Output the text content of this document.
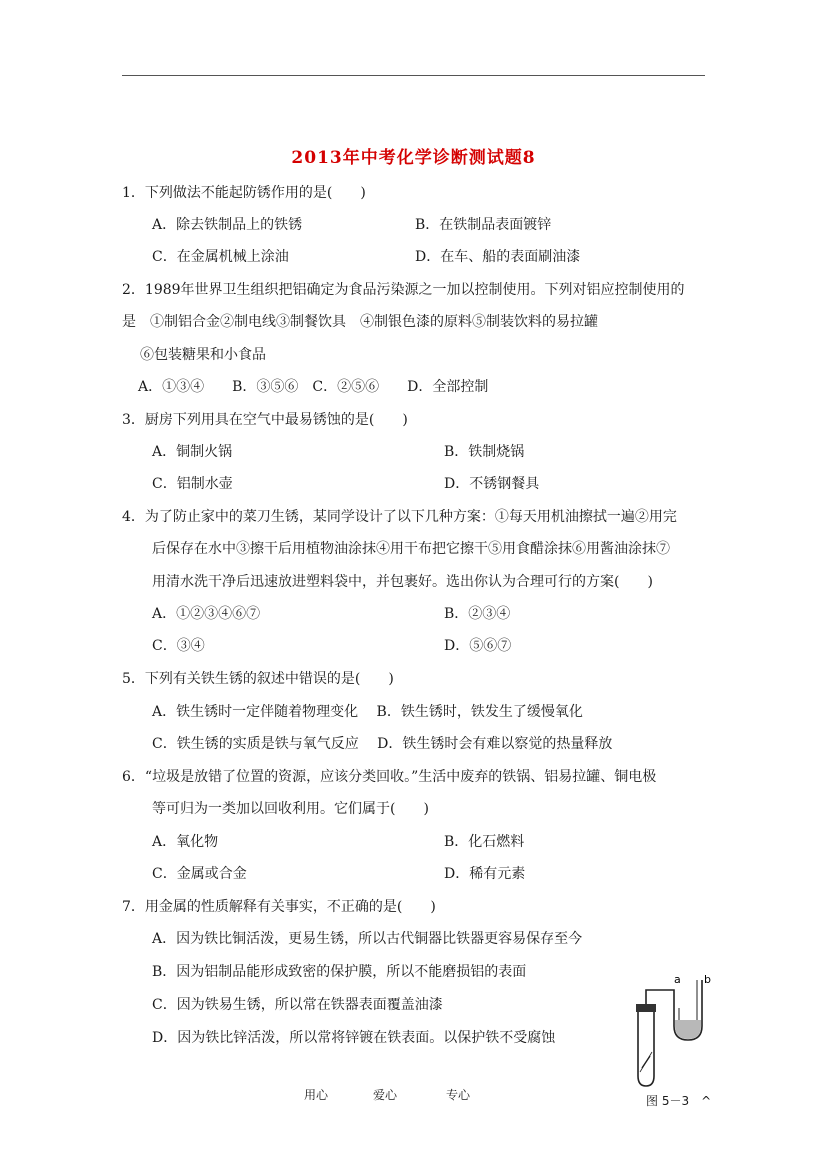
2013年中考化学诊断测试题8
1．下列做法不能起防锈作用的是(　　)
A．除去铁制品上的铁锈	B．在铁制品表面镀锌
C．在金属机械上涂油	D．在车、船的表面刷油漆
2．1989年世界卫生组织把铝确定为食品污染源之一加以控制使用。下列对铝应控制使用的
是　①制铝合金②制电线③制餐饮具　④制银色漆的原料⑤制装饮料的易拉罐
⑥包装糖果和小食品
A．①③④　　B．③⑤⑥　C．②⑤⑥　　D．全部控制
3．厨房下列用具在空气中最易锈蚀的是(　　)
A．铜制火锅	B．铁制烧锅
C．铝制水壶	D．不锈钢餐具
4．为了防止家中的菜刀生锈，某同学设计了以下几种方案：①每天用机油擦拭一遍②用完
后保存在水中③擦干后用植物油涂抹④用干布把它擦干⑤用食醋涂抹⑥用酱油涂抹⑦
用清水洗干净后迅速放进塑料袋中，并包裹好。选出你认为合理可行的方案(　　)
A．①②③④⑥⑦	B．②③④
C．③④	D．⑤⑥⑦
5．下列有关铁生锈的叙述中错误的是(　　)
A．铁生锈时一定伴随着物理变化　 B．铁生锈时，铁发生了缓慢氧化
C．铁生锈的实质是铁与氧气反应　 D．铁生锈时会有难以察觉的热量释放
6．“垃圾是放错了位置的资源，应该分类回收。”生活中废弃的铁锅、铝易拉罐、铜电极
等可归为一类加以回收利用。它们属于(　　)
A．氧化物	B．化石燃料
C．金属或合金	D．稀有元素
7．用金属的性质解释有关事实，不正确的是(　　)
A．因为铁比铜活泼，更易生锈，所以古代铜器比铁器更容易保存至今
B．因为铝制品能形成致密的保护膜，所以不能磨损铝的表面
C．因为铁易生锈，所以常在铁器表面覆盖油漆
D．因为铁比锌活泼，所以常将锌镀在铁表面。以保护铁不受腐蚀
a b
图 5－3　^
用心	爱心	专心
